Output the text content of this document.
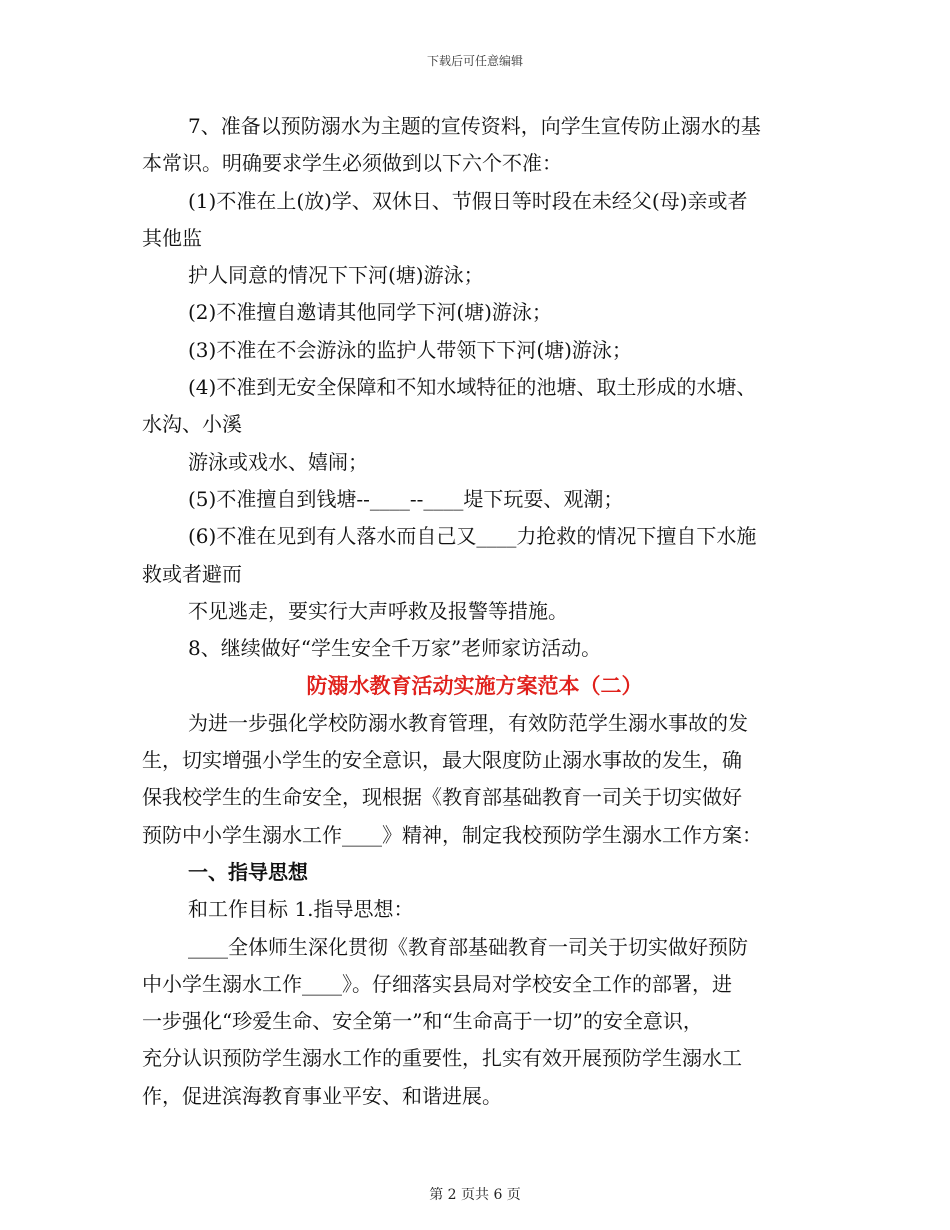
下载后可任意编辑
7、准备以预防溺水为主题的宣传资料，向学生宣传防止溺水的基
本常识。明确要求学生必须做到以下六个不准：
(1)不准在上(放)学、双休日、节假日等时段在未经父(母)亲或者
其他监
护人同意的情况下下河(塘)游泳；
(2)不准擅自邀请其他同学下河(塘)游泳；
(3)不准在不会游泳的监护人带领下下河(塘)游泳；
(4)不准到无安全保障和不知水域特征的池塘、取土形成的水塘、
水沟、小溪
游泳或戏水、嬉闹；
(5)不准擅自到钱塘--____--____堤下玩耍、观潮；
(6)不准在见到有人落水而自己又____力抢救的情况下擅自下水施
救或者避而
不见逃走，要实行大声呼救及报警等措施。
8、继续做好“学生安全千万家”老师家访活动。
防溺水教育活动实施方案范本（二）
为进一步强化学校防溺水教育管理，有效防范学生溺水事故的发
生，切实增强小学生的安全意识，最大限度防止溺水事故的发生，确
保我校学生的生命安全，现根据《教育部基础教育一司关于切实做好
预防中小学生溺水工作____》精神，制定我校预防学生溺水工作方案：
一、指导思想
和工作目标 1.指导思想：
____全体师生深化贯彻《教育部基础教育一司关于切实做好预防
中小学生溺水工作____》。仔细落实县局对学校安全工作的部署，进
一步强化“珍爱生命、安全第一”和“生命高于一切”的安全意识，
充分认识预防学生溺水工作的重要性，扎实有效开展预防学生溺水工
作，促进滨海教育事业平安、和谐进展。
第 2 页共 6 页
